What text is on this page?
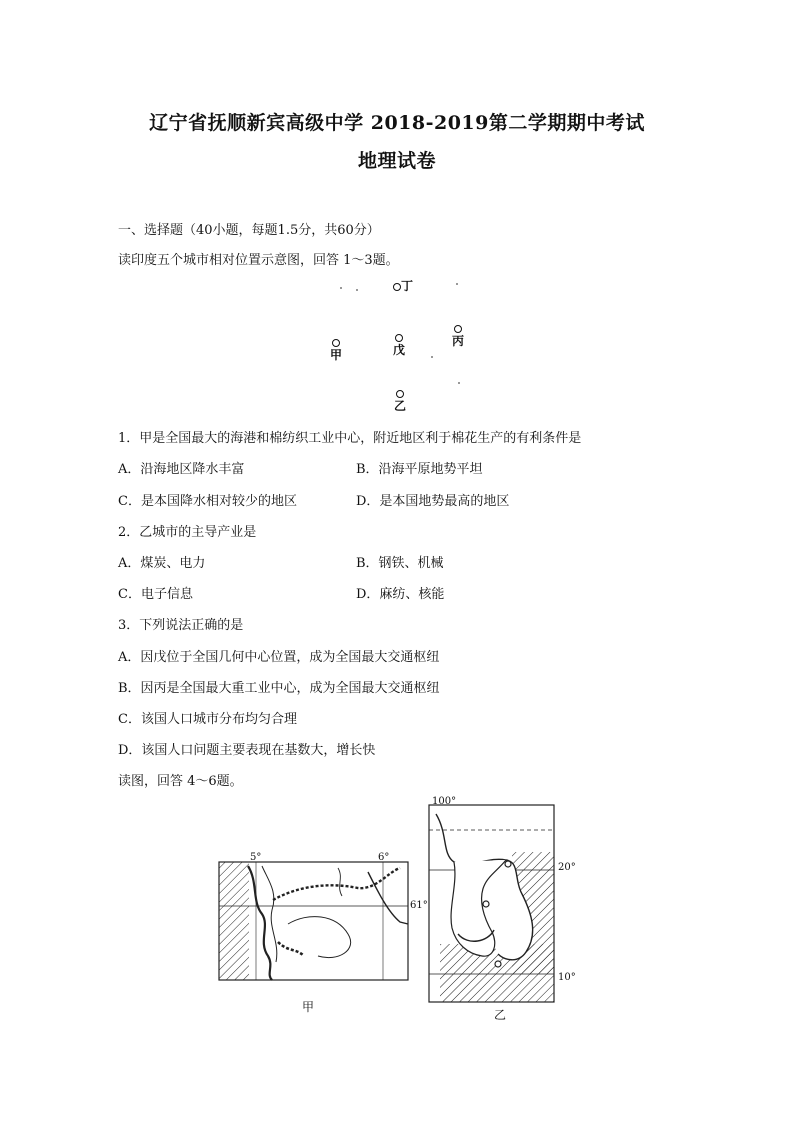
辽宁省抚顺新宾高级中学 2018-2019第二学期期中考试
地理试卷
一、选择题（40小题，每题1.5分，共60分）
读印度五个城市相对位置示意图，回答 1～3题。
丁

丙

甲	戊

乙
1．甲是全国最大的海港和棉纺织工业中心，附近地区利于棉花生产的有利条件是
A．沿海地区降水丰富	B．沿海平原地势平坦
C．是本国降水相对较少的地区	D．是本国地势最高的地区
2．乙城市的主导产业是
A．煤炭、电力	B．钢铁、机械
C．电子信息	D．麻纺、核能
3．下列说法正确的是
A．因戊位于全国几何中心位置，成为全国最大交通枢纽
B．因丙是全国最大重工业中心，成为全国最大交通枢纽
C．该国人口城市分布均匀合理
D．该国人口问题主要表现在基数大，增长快
读图，回答 4～6题。
5°	6°
61°
甲
100°
20°
10°
乙
